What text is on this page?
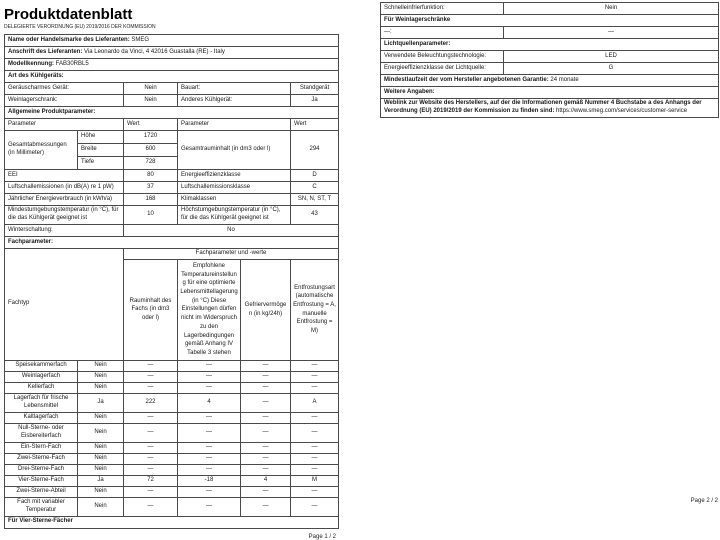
Produktdatenblatt
DELEGIERTE VERORDNUNG (EU) 2019/2016 DER KOMMISSION
Name oder Handelsmarke des Lieferanten: SMEG					
Anschrift des Lieferanten: Via Leonardo da Vinci, 4 42016 Guastalla (RE) - Italy					
Modellkennung: FAB30RBL5					
Art des Kühlgeräts:					
Geräuscharmes Gerät:		Nein	Bauart:		Standgerät
Weinlagerschrank:		Nein	Anderes Kühlgerät:		Ja
Allgemeine Produktparameter:					
Parameter		Wert	Parameter		Wert
Gesamtabmessungen (in Millimeter)	Höhe	1720	Gesamtrauminhalt (in dm3 oder l)		294
	Breite	600			
	Tiefe	728			
EEI		80	Energieeffizienzklasse		D
Luftschallemissionen (in dB(A) re 1 pW)		37	Luftschallemissionsklasse		C
Jährlicher Energieverbrauch (in kWh/a)		168	Klimaklassen		SN, N, ST, T
Mindestumgebungstemperatur (in °C), für die das Kühlgerät geeignet ist		10	Höchstumgebungstemperatur (in °C), für die das Kühlgerät geeignet ist		43
Winterschaltung:		No			
Fachparameter:					
Fachtyp		Fachparameter und -werte			
		Rauminhalt des Fachs (in dm3 oder l)	Empfohlene Temperatureinstellung für eine optimierte Lebensmittellagerung (in °C) Diese Einstellungen dürfen nicht im Widerspruch zu den Lagerbedingungen gemäß Anhang IV Tabelle 3 stehen	Gefriervermögen (in kg/24h)	Entfrostungsart (automatische Entfrostung = A, manuelle Entfrostung = M)
Speisekammerfach	Nein	—	—	—	—
Weinlagerfach	Nein	—	—	—	—
Kellerfach	Nein	—	—	—	—
Lagerfach für frische Lebensmittel	Ja	222	4	—	A
Kaltlagerfach	Nein	—	—	—	—
Null-Sterne- oder Eisbereiterfach	Nein	—	—	—	—
Ein-Stern-Fach	Nein	—	—	—	—
Zwei-Sterne-Fach	Nein	—	—	—	—
Drei-Sterne-Fach	Nein	—	—	—	—
Vier-Sterne-Fach	Ja	72	-18	4	M
Zwei-Sterne-Abteil	Nein	—	—	—	—
Fach mit variabler Temperatur	Nein	—	—	—	—
Für Vier-Sterne-Fächer					
Page 1 / 2
Schnelleinfrierfunktion:	Nein
Für Weinlagerschränke	
—:	—
Lichtquellenparameter:	
Verwendete Beleuchtungstechnologie:	LED
Energieeffizienzklasse der Lichtquelle:	G
Mindestlaufzeit der vom Hersteller angebotenen Garantie: 24 monate	
Weitere Angaben:	
Weblink zur Website des Herstellers, auf der die Informationen gemäß Nummer 4 Buchstabe a des Anhangs der Verordnung (EU) 2019/2019 der Kommission zu finden sind: https://www.smeg.com/services/customer-service	
Page 2 / 2
